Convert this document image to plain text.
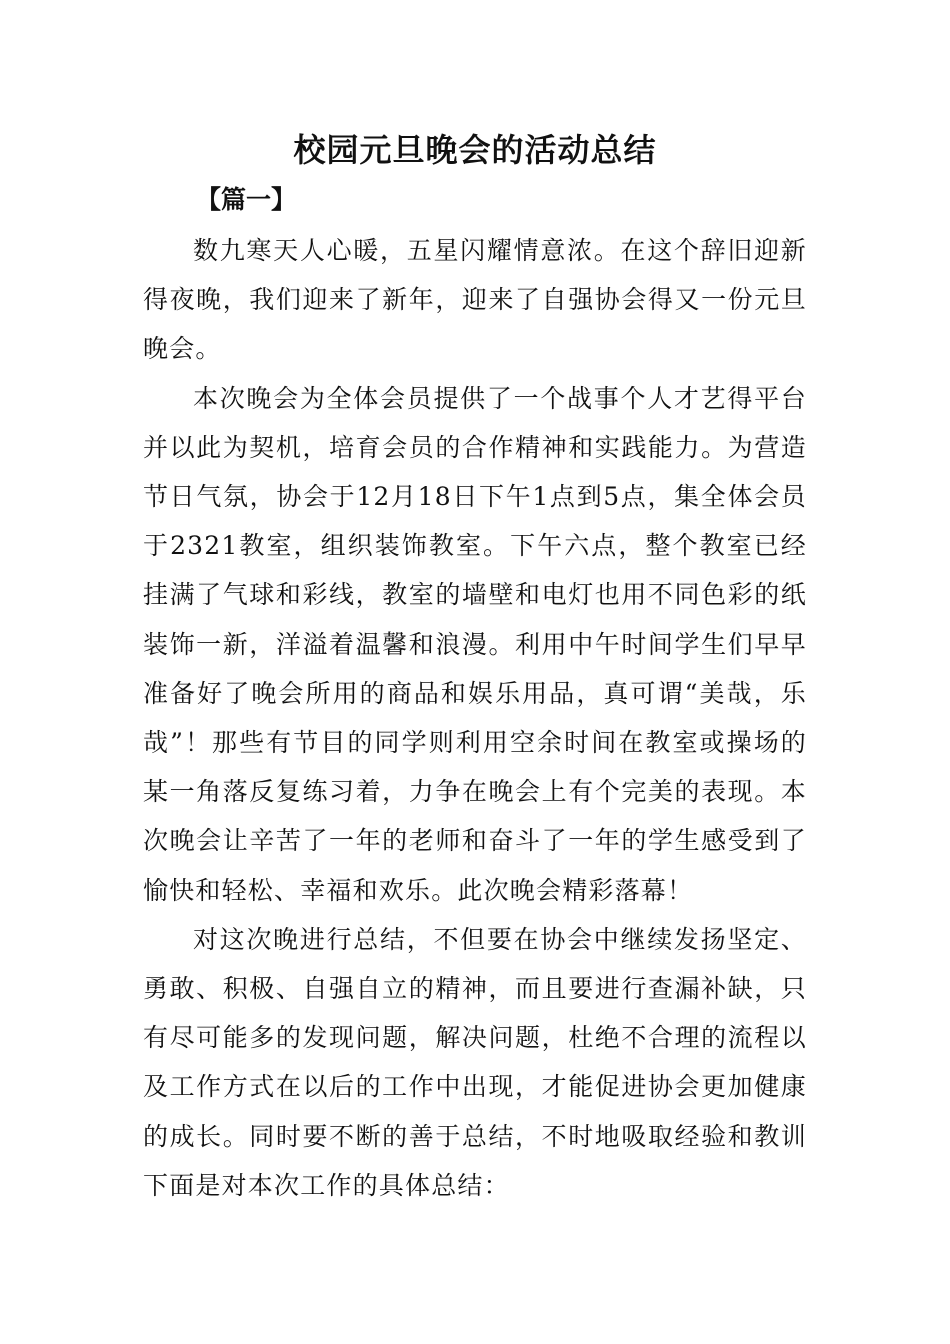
校园元旦晚会的活动总结
【篇一】

数九寒天人心暖，五星闪耀情意浓。在这个辞旧迎新得夜晚，我们迎来了新年，迎来了自强协会得又一份元旦晚会。

本次晚会为全体会员提供了一个战事个人才艺得平台并以此为契机，培育会员的合作精神和实践能力。为营造节日气氛，协会于12月18日下午1点到5点，集全体会员于2321教室，组织装饰教室。下午六点，整个教室已经挂满了气球和彩线，教室的墙壁和电灯也用不同色彩的纸装饰一新，洋溢着温馨和浪漫。利用中午时间学生们早早准备好了晚会所用的商品和娱乐用品，真可谓“美哉，乐哉”！那些有节目的同学则利用空余时间在教室或操场的某一角落反复练习着，力争在晚会上有个完美的表现。本次晚会让辛苦了一年的老师和奋斗了一年的学生感受到了愉快和轻松、幸福和欢乐。此次晚会精彩落幕！

对这次晚进行总结，不但要在协会中继续发扬坚定、勇敢、积极、自强自立的精神，而且要进行查漏补缺，只有尽可能多的发现问题，解决问题，杜绝不合理的流程以及工作方式在以后的工作中出现，才能促进协会更加健康的成长。同时要不断的善于总结，不时地吸取经验和教训下面是对本次工作的具体总结：
